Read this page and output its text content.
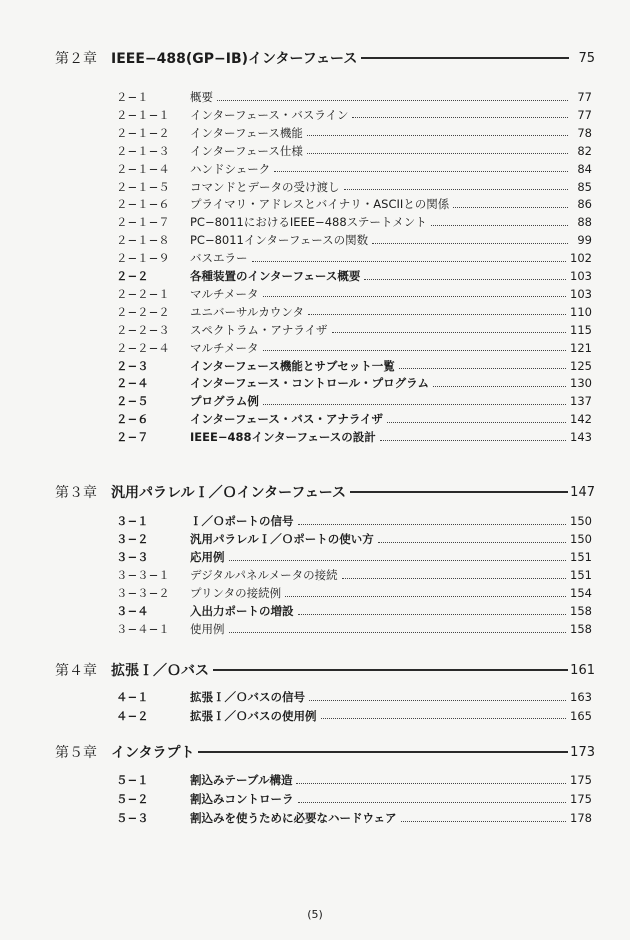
第２章 IEEE−488(GP−IB)インターフェース	75
２−１	概要	77
２−１−１	インターフェース・バスライン	77
２−１−２	インターフェース機能	78
２−１−３	インターフェース仕様	82
２−１−４	ハンドシェーク	84
２−１−５	コマンドとデータの受け渡し	85
２−１−６	プライマリ・アドレスとバイナリ・ASCIIとの関係	86
２−１−７	PC−8011におけるIEEE−488ステートメント	88
２−１−８	PC−8011インターフェースの関数	99
２−１−９	バスエラー	102
２−２	各種装置のインターフェース概要	103
２−２−１	マルチメータ	103
２−２−２	ユニバーサルカウンタ	110
２−２−３	スペクトラム・アナライザ	115
２−２−４	マルチメータ	121
２−３	インターフェース機能とサブセット一覧	125
２−４	インターフェース・コントロール・プログラム	130
２−５	プログラム例	137
２−６	インターフェース・バス・アナライザ	142
２−７	IEEE−488インターフェースの設計	143
第３章 汎用パラレルＩ／Ｏインターフェース	147
３−１	Ｉ／Ｏポートの信号	150
３−２	汎用パラレルＩ／Ｏポートの使い方	150
３−３	応用例	151
３−３−１	デジタルパネルメータの接続	151
３−３−２	プリンタの接続例	154
３−４	入出力ポートの増設	158
３−４−１	使用例	158
第４章 拡張Ｉ／Ｏバス	161
４−１	拡張Ｉ／Ｏバスの信号	163
４−２	拡張Ｉ／Ｏバスの使用例	165
第５章 インタラプト	173
５−１	割込みテーブル構造	175
５−２	割込みコントローラ	175
５−３	割込みを使うために必要なハードウェア	178
(5)
